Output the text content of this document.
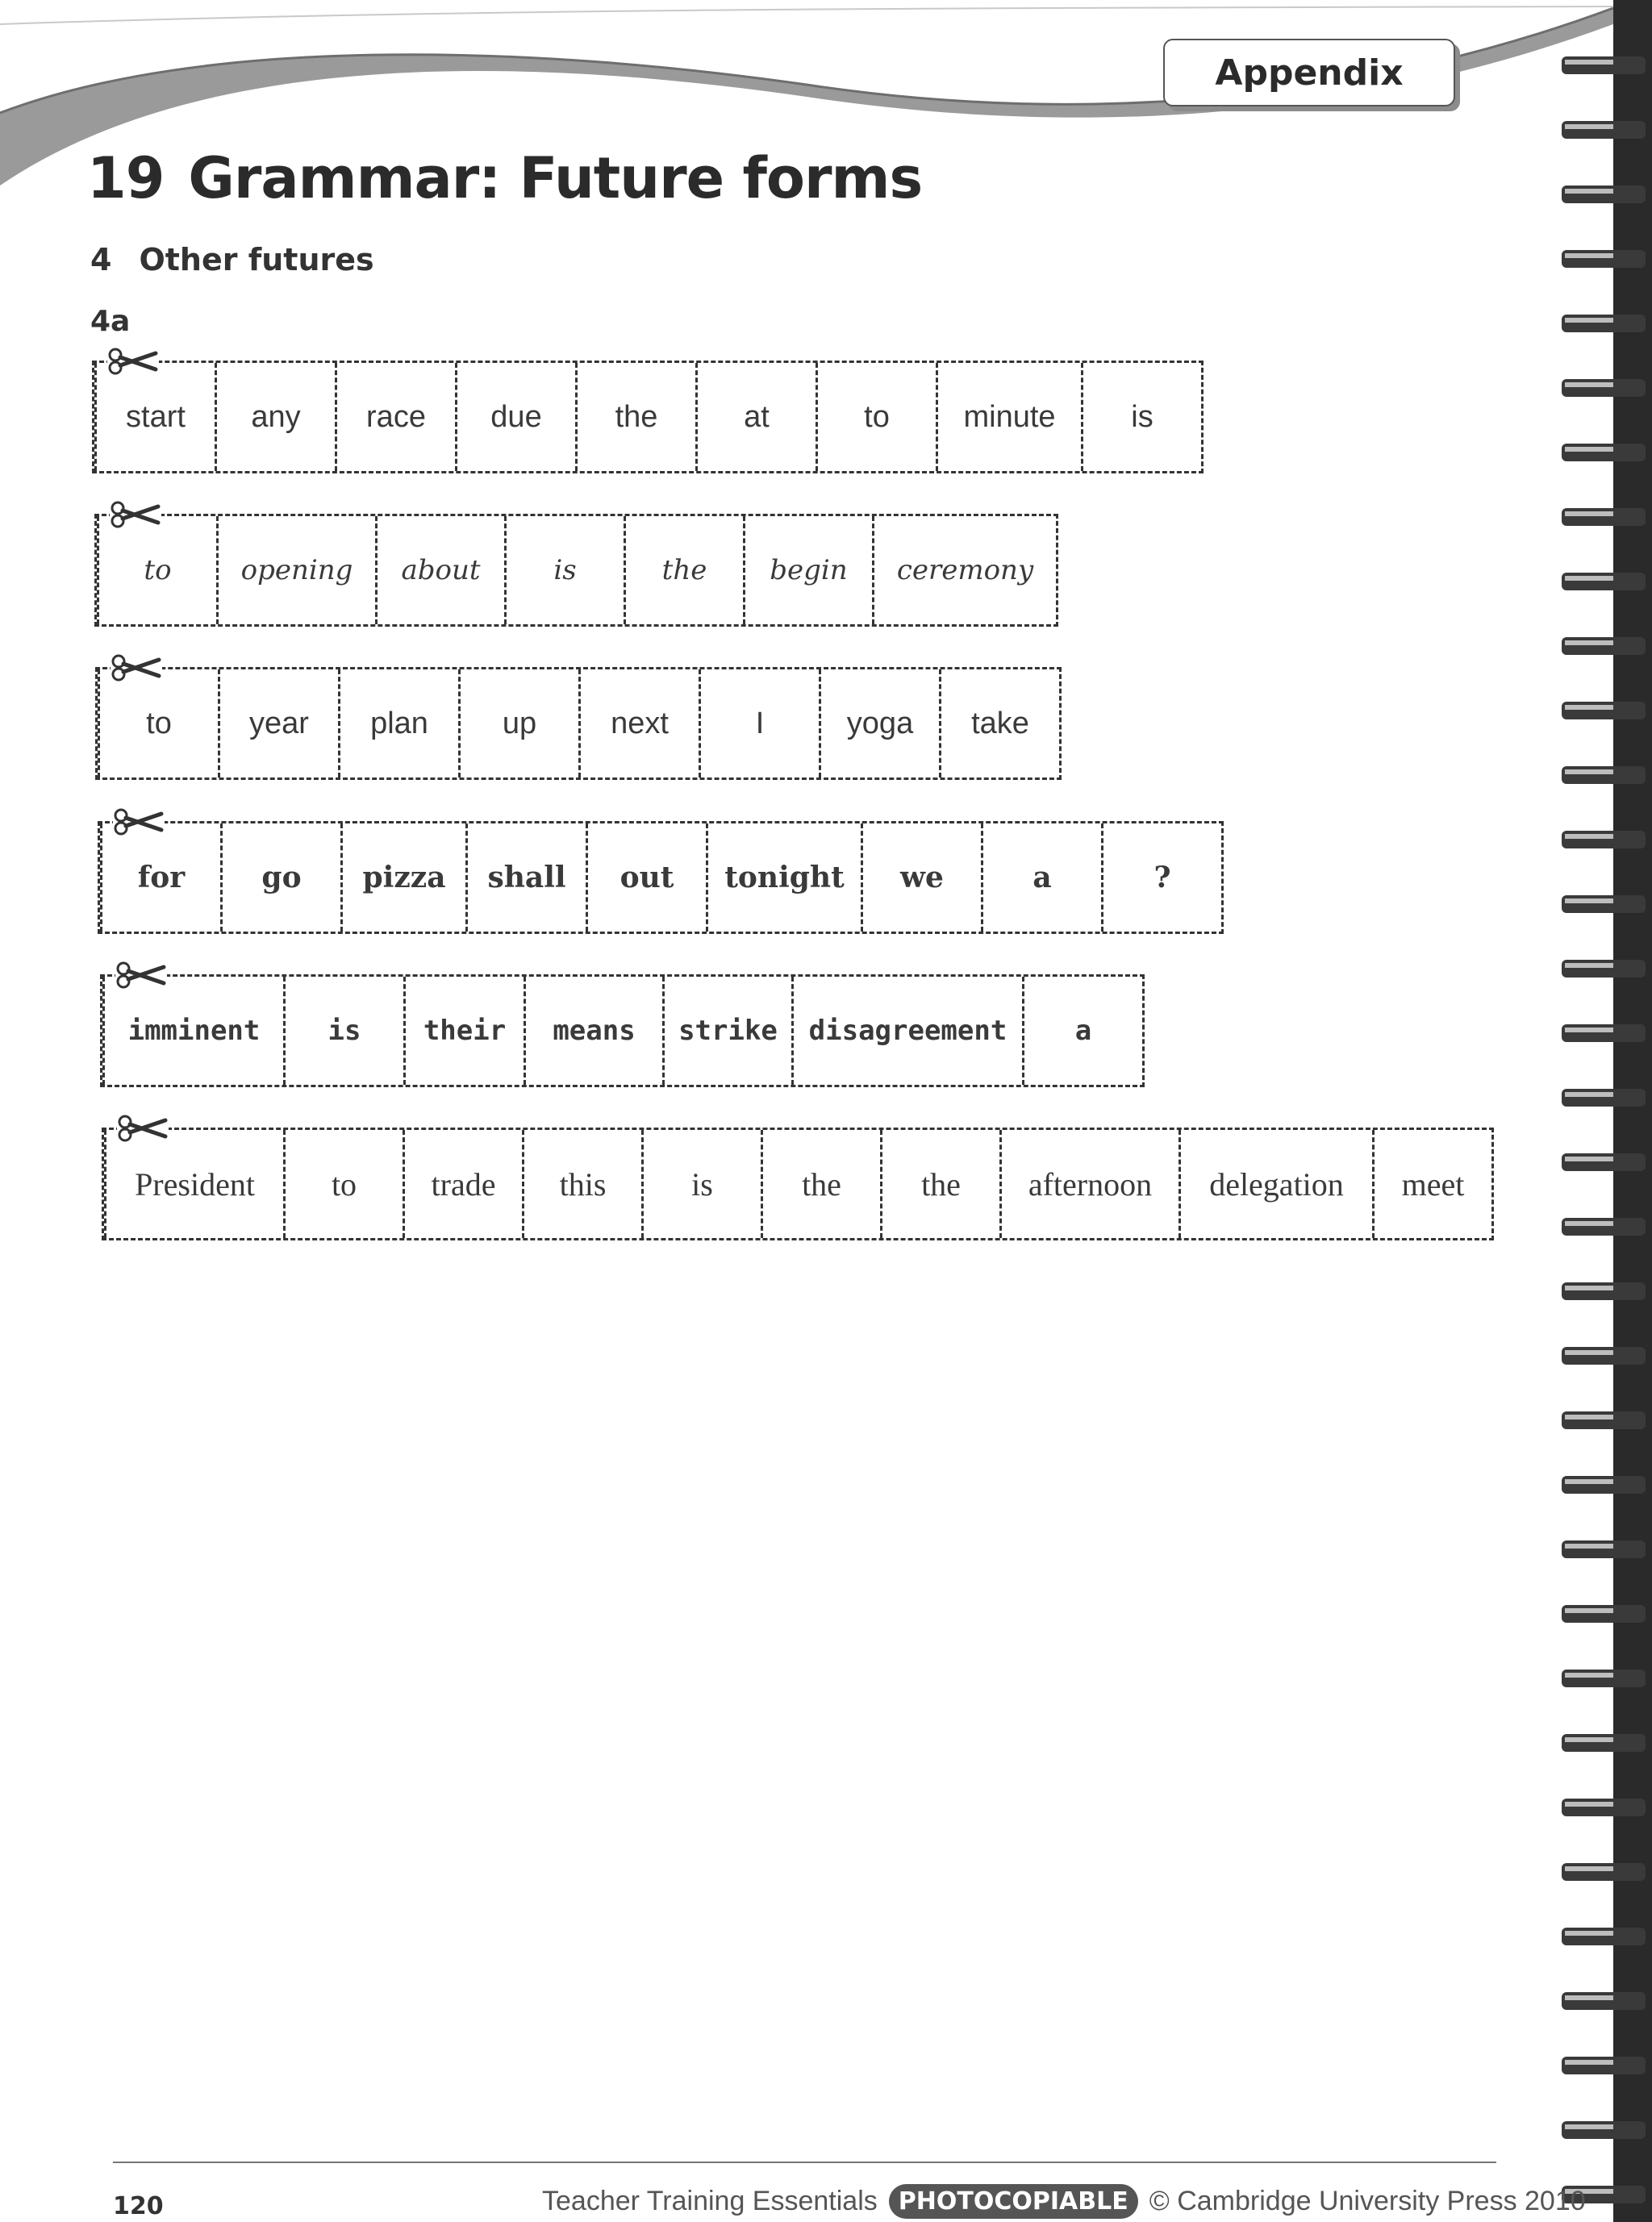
Appendix
19 Grammar: Future forms
4 Other futures
4a
start	any	race	due	the	at	to	minute	is
to	opening	about	is	the	begin	ceremony
to	year	plan	up	next	I	yoga	take
for	go	pizza	shall	out	tonight	we	a	?
imminent	is	their	means	strike	disagreement	a
President	to	trade	this	is	the	the	afternoon	delegation	meet
120	Teacher Training Essentials PHOTOCOPIABLE © Cambridge University Press 2010
